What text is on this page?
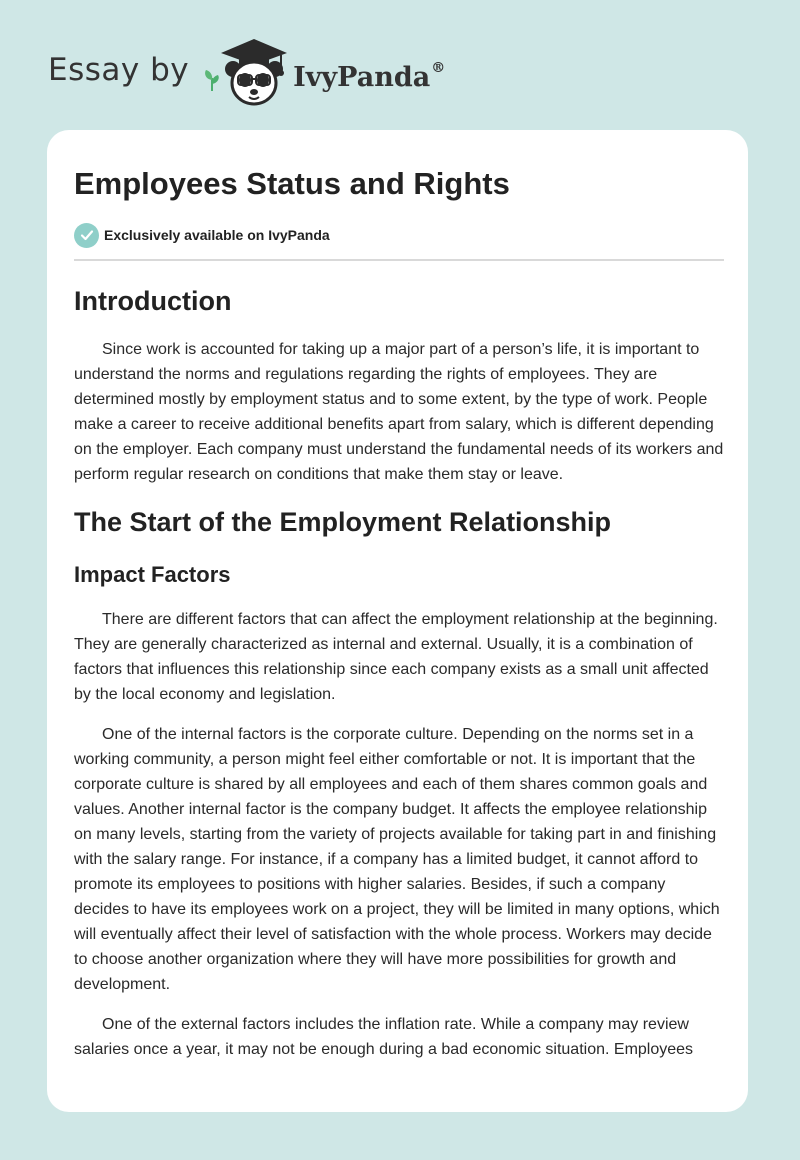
Essay by	IvyPanda®
Employees Status and Rights
Exclusively available on IvyPanda
Introduction

Since work is accounted for taking up a major part of a person’s life, it is important to understand the norms and regulations regarding the rights of employees. They are determined mostly by employment status and to some extent, by the type of work. People make a career to receive additional benefits apart from salary, which is different depending on the employer. Each company must understand the fundamental needs of its workers and perform regular research on conditions that make them stay or leave.

The Start of the Employment Relationship
Impact Factors

There are different factors that can affect the employment relationship at the beginning. They are generally characterized as internal and external. Usually, it is a combination of factors that influences this relationship since each company exists as a small unit affected by the local economy and legislation.

One of the internal factors is the corporate culture. Depending on the norms set in a working community, a person might feel either comfortable or not. It is important that the corporate culture is shared by all employees and each of them shares common goals and values. Another internal factor is the company budget. It affects the employee relationship on many levels, starting from the variety of projects available for taking part in and finishing with the salary range. For instance, if a company has a limited budget, it cannot afford to promote its employees to positions with higher salaries. Besides, if such a company decides to have its employees work on a project, they will be limited in many options, which will eventually affect their level of satisfaction with the whole process. Workers may decide to choose another organization where they will have more possibilities for growth and development.

One of the external factors includes the inflation rate. While a company may review salaries once a year, it may not be enough during a bad economic situation. Employees
